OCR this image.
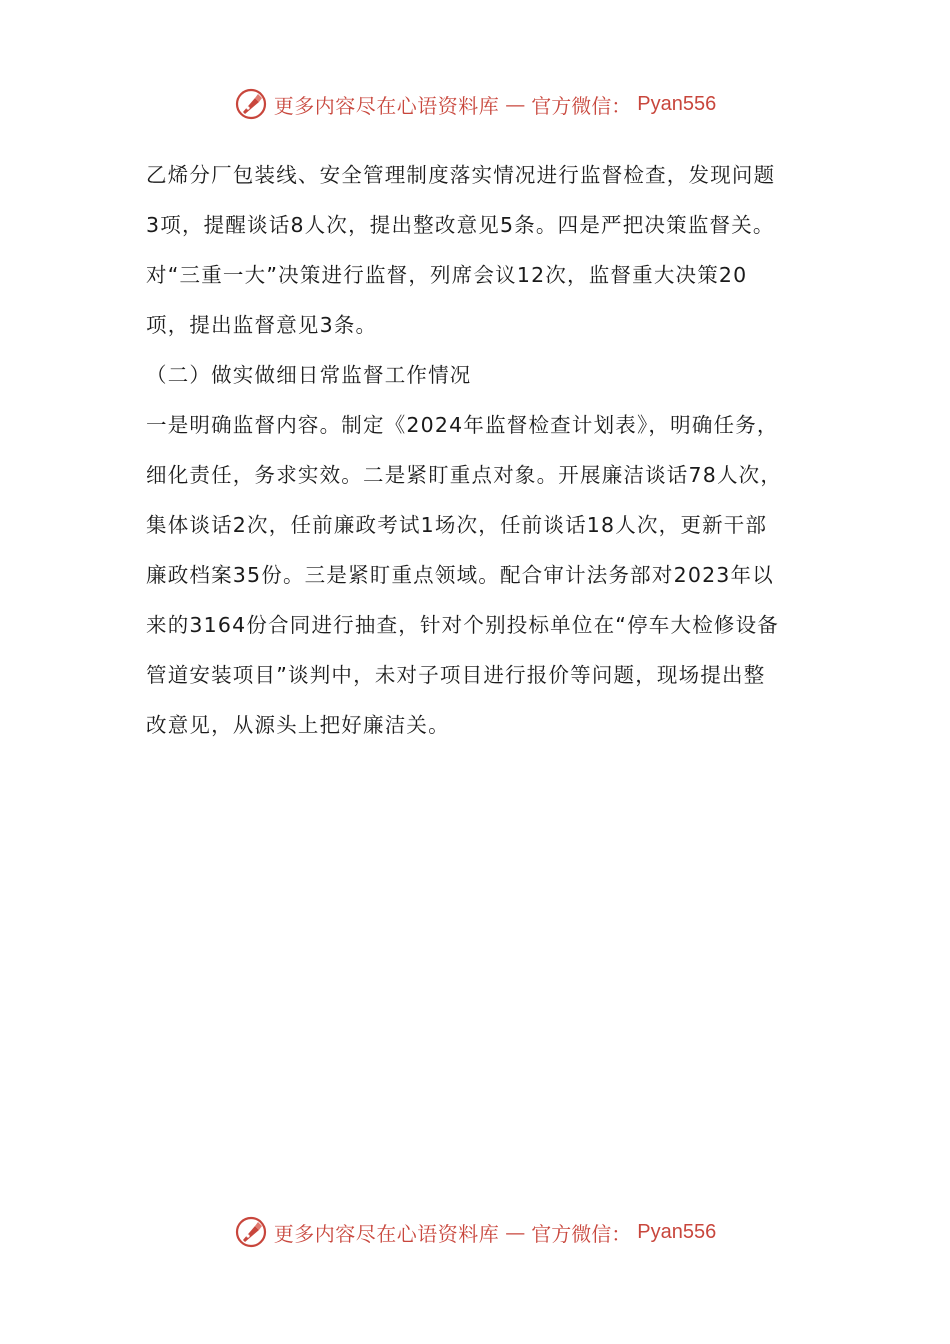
更多内容尽在心语资料库 — 官方微信： Pyan556
乙烯分厂包装线、安全管理制度落实情况进行监督检查，发现问题
3项，提醒谈话8人次，提出整改意见5条。四是严把决策监督关。
对“三重一大”决策进行监督，列席会议12次，监督重大决策20
项，提出监督意见3条。
（二）做实做细日常监督工作情况
一是明确监督内容。制定《2024年监督检查计划表》，明确任务，
细化责任，务求实效。二是紧盯重点对象。开展廉洁谈话78人次，
集体谈话2次，任前廉政考试1场次，任前谈话18人次，更新干部
廉政档案35份。三是紧盯重点领域。配合审计法务部对2023年以
来的3164份合同进行抽查，针对个别投标单位在“停车大检修设备
管道安装项目”谈判中，未对子项目进行报价等问题，现场提出整
改意见，从源头上把好廉洁关。
更多内容尽在心语资料库 — 官方微信： Pyan556
